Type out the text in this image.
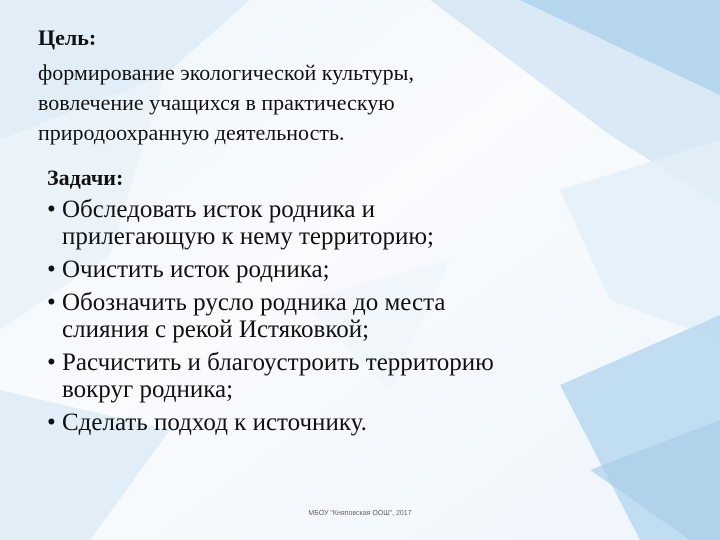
Цель:
формирование экологической культуры,
вовлечение учащихся в практическую
природоохранную деятельность.
Задачи:
• Обследовать исток родника и
прилегающую к нему территорию;
• Очистить исток родника;
• Обозначить русло родника до места
слияния с рекой Истяковкой;
• Расчистить и благоустроить территорию
вокруг родника;
• Сделать подход к источнику.
МБОУ "Княповская ООШ", 2017
